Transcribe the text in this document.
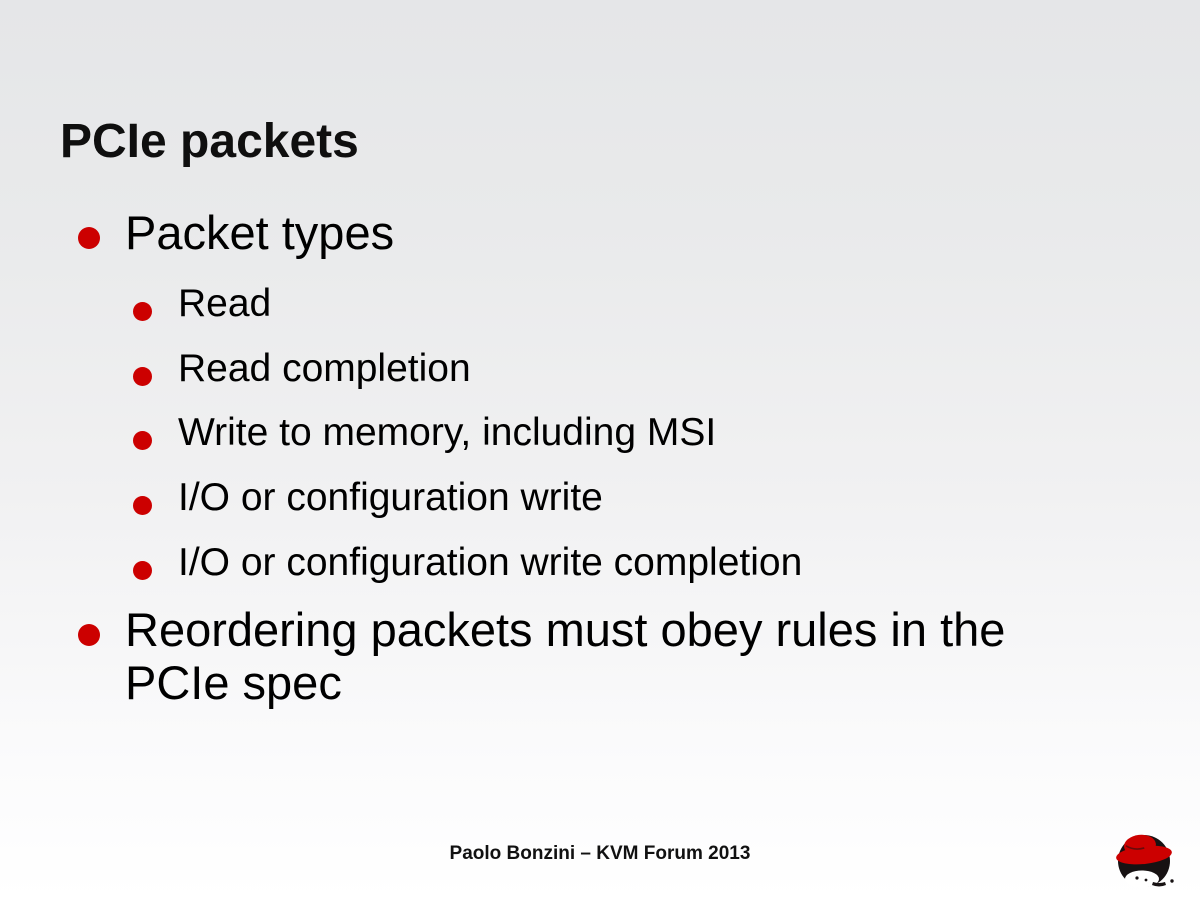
PCIe packets
Packet types
Read
Read completion
Write to memory, including MSI
I/O or configuration write
I/O or configuration write completion
Reordering packets must obey rules in the PCIe spec
Paolo Bonzini – KVM Forum 2013
